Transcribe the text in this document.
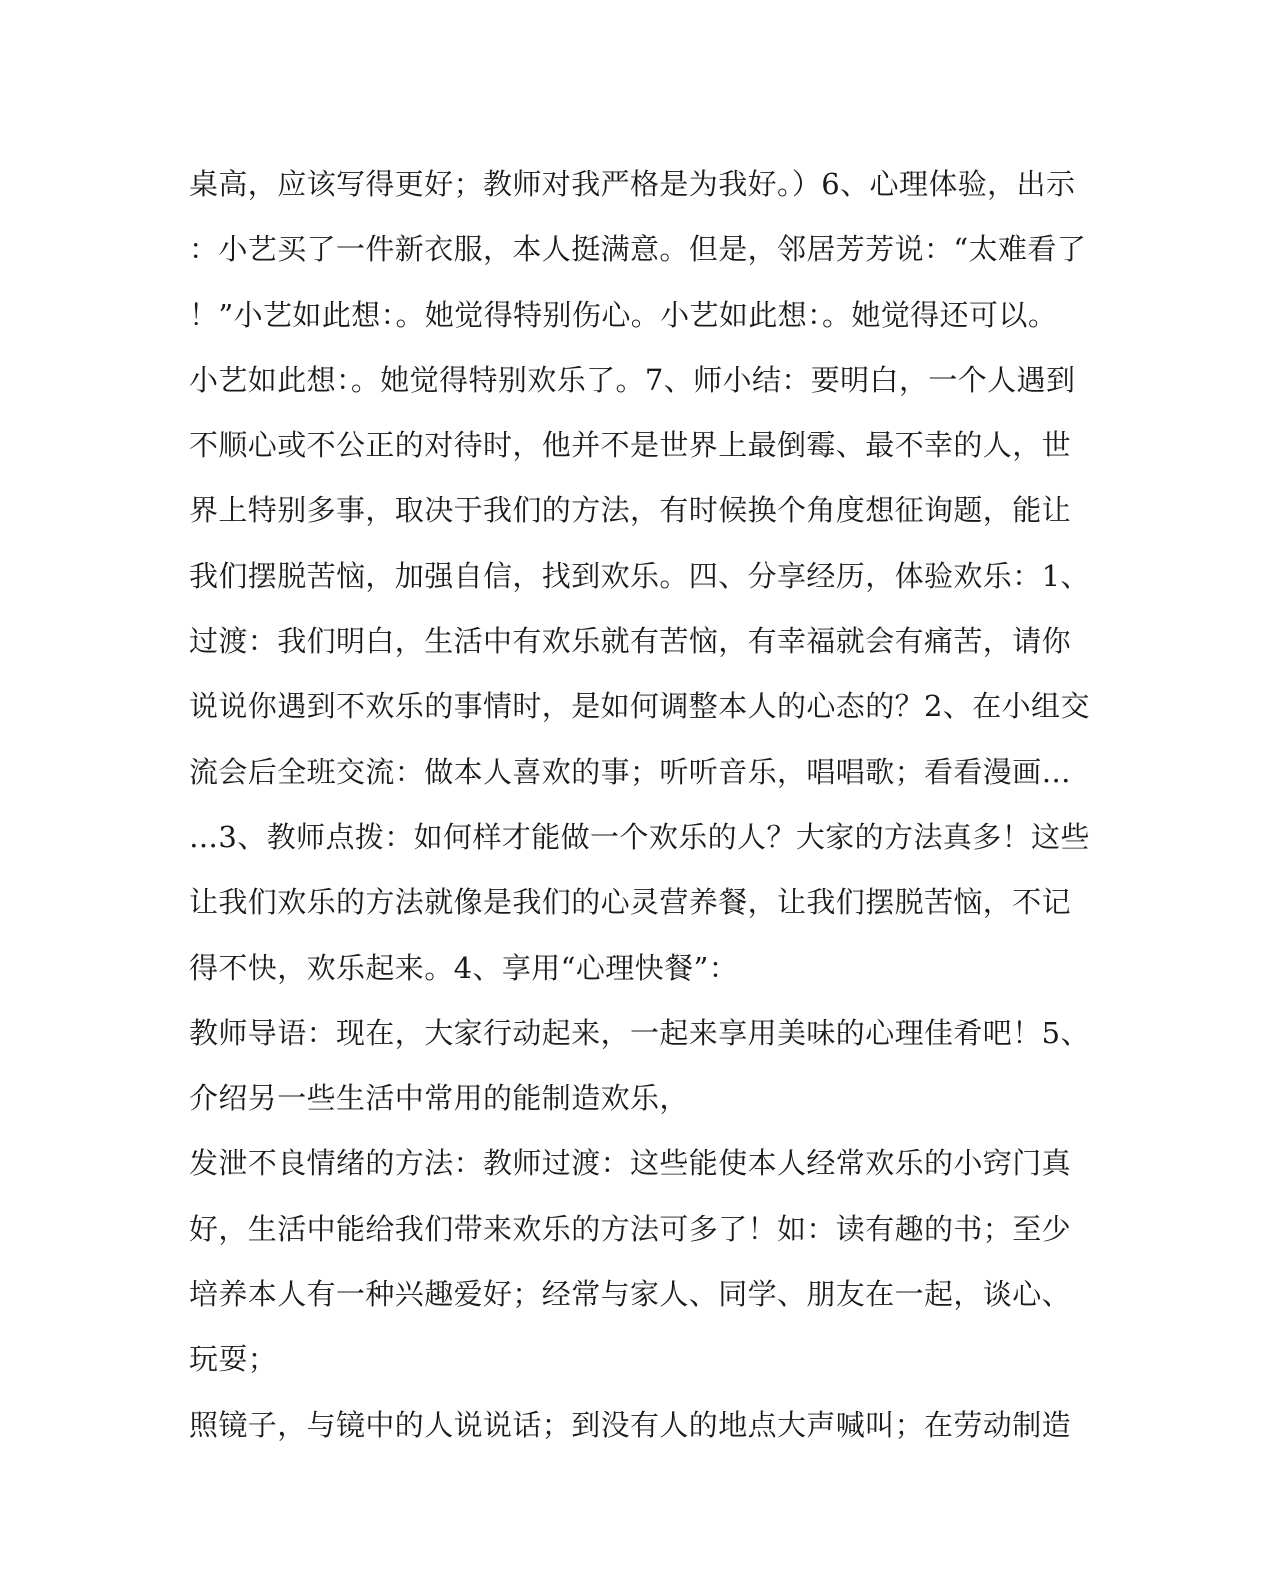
桌高，应该写得更好；教师对我严格是为我好。）6、心理体验，出示
：小艺买了一件新衣服，本人挺满意。但是，邻居芳芳说：“太难看了
！”小艺如此想：。她觉得特别伤心。小艺如此想：。她觉得还可以。
小艺如此想：。她觉得特别欢乐了。7、师小结：要明白，一个人遇到
不顺心或不公正的对待时，他并不是世界上最倒霉、最不幸的人，世
界上特别多事，取决于我们的方法，有时候换个角度想征询题，能让
我们摆脱苦恼，加强自信，找到欢乐。四、分享经历，体验欢乐：1、
过渡：我们明白，生活中有欢乐就有苦恼，有幸福就会有痛苦，请你
说说你遇到不欢乐的事情时，是如何调整本人的心态的？2、在小组交
流会后全班交流：做本人喜欢的事；听听音乐，唱唱歌；看看漫画…
…3、教师点拨：如何样才能做一个欢乐的人？大家的方法真多！这些
让我们欢乐的方法就像是我们的心灵营养餐，让我们摆脱苦恼，不记
得不快，欢乐起来。4、享用“心理快餐”：
教师导语：现在，大家行动起来，一起来享用美味的心理佳肴吧！5、
介绍另一些生活中常用的能制造欢乐，
发泄不良情绪的方法：教师过渡：这些能使本人经常欢乐的小窍门真
好，生活中能给我们带来欢乐的方法可多了！如：读有趣的书；至少
培养本人有一种兴趣爱好；经常与家人、同学、朋友在一起，谈心、
玩耍；
照镜子，与镜中的人说说话；到没有人的地点大声喊叫；在劳动制造
